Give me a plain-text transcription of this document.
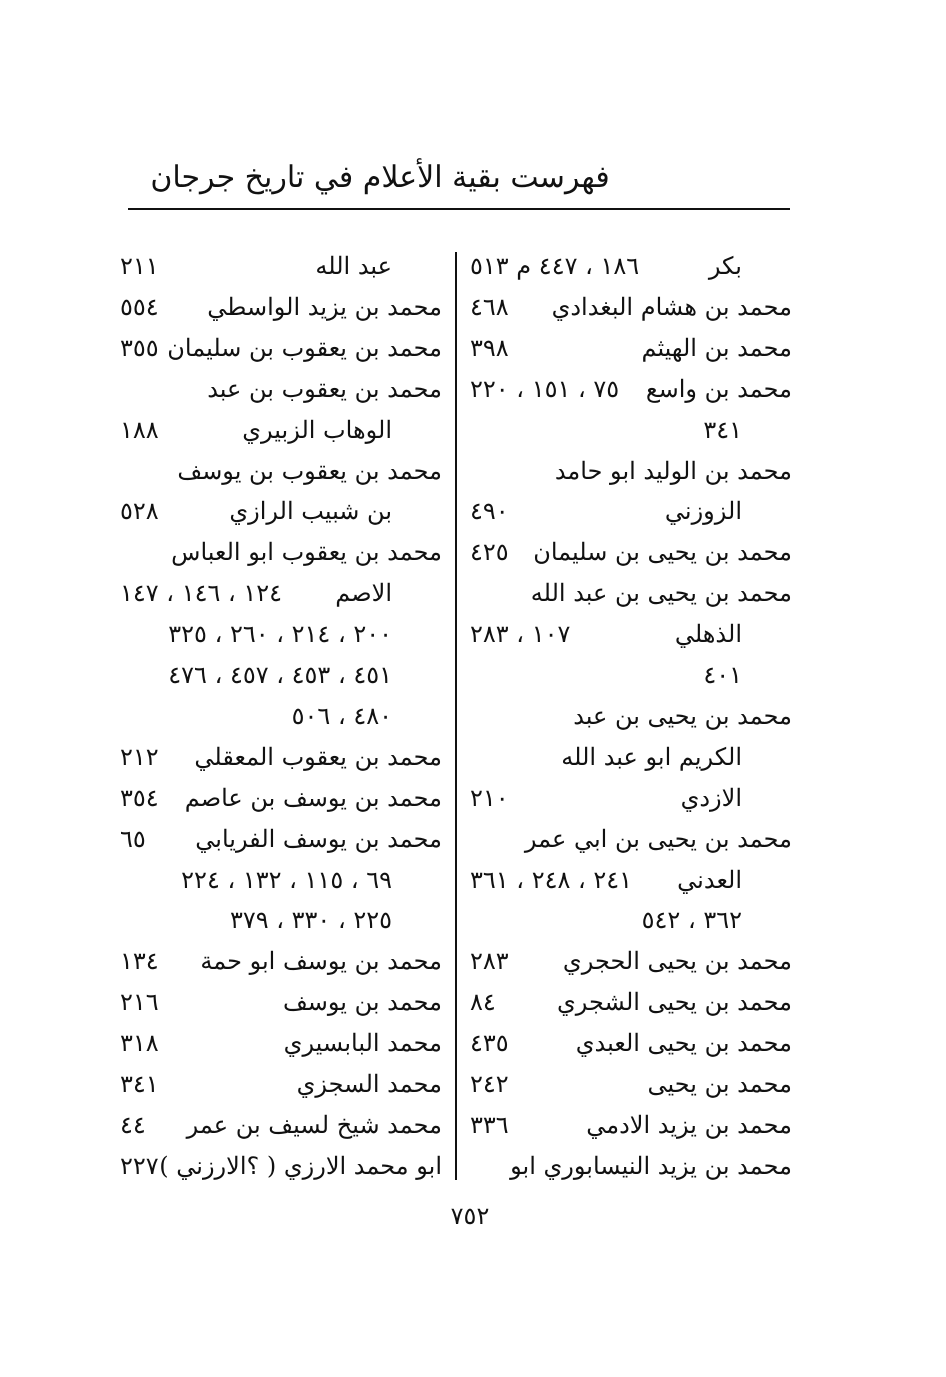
فهرست بقية الأعلام في تاريخ جرجان
بكر
١٨٦ ، ٤٤٧ م ٥١٣
محمد بن هشام البغدادي
٤٦٨
محمد بن الهيثم
٣٩٨
محمد بن واسع
٧٥ ، ١٥١ ، ٢٢٠
٣٤١
محمد بن الوليد ابو حامد
الزوزني
٤٩٠
محمد بن يحيى بن سليمان
٤٢٥
محمد بن يحيى بن عبد الله
الذهلي
١٠٧ ، ٢٨٣
٤٠١
محمد بن يحيى بن عبد
الكريم ابو عبد الله
الازدي
٢١٠
محمد بن يحيى بن ابي عمر
العدني
٢٤١ ، ٢٤٨ ، ٣٦١
٣٦٢ ، ٥٤٢
محمد بن يحيى الحجري
٢٨٣
محمد بن يحيى الشجري
٨٤
محمد بن يحيى العبدي
٤٣٥
محمد بن يحيى
٢٤٢
محمد بن يزيد الادمي
٣٣٦
محمد بن يزيد النيسابوري ابو
عبد الله
٢١١
محمد بن يزيد الواسطي
٥٥٤
محمد بن يعقوب بن سليمان
٣٥٥
محمد بن يعقوب بن عبد
الوهاب الزبيري
١٨٨
محمد بن يعقوب بن يوسف
بن شبيب الرازي
٥٢٨
محمد بن يعقوب ابو العباس
الاصم
١٢٤ ، ١٤٦ ، ١٤٧
٢٠٠ ، ٢١٤ ، ٢٦٠ ، ٣٢٥
٤٥١ ، ٤٥٣ ، ٤٥٧ ، ٤٧٦
٤٨٠ ، ٥٠٦
محمد بن يعقوب المعقلي
٢١٢
محمد بن يوسف بن عاصم
٣٥٤
محمد بن يوسف الفريابي
٦٥
٦٩ ، ١١٥ ، ١٣٢ ، ٢٢٤
٢٢٥ ، ٣٣٠ ، ٣٧٩
محمد بن يوسف ابو حمة
١٣٤
محمد بن يوسف
٢١٦
محمد البابسيري
٣١٨
محمد السجزي
٣٤١
محمد شيخ لسيف بن عمر
٤٤
ابو محمد الارزي ( ؟الارزني )
٢٢٧
٧٥٢
